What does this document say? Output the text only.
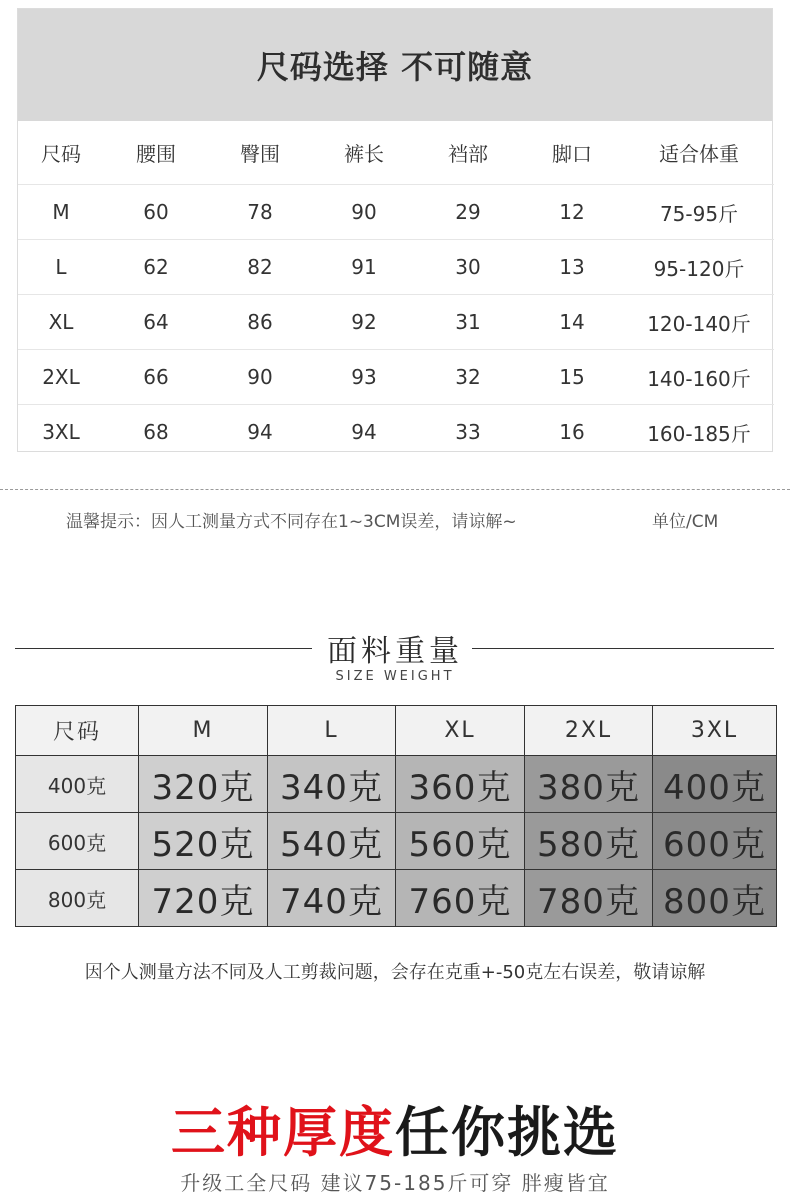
尺码选择 不可随意
尺码	腰围	臀围	裤长	裆部	脚口	适合体重
M	60	78	90	29	12	75-95斤
L	62	82	91	30	13	95-120斤
XL	64	86	92	31	14	120-140斤
2XL	66	90	93	32	15	140-160斤
3XL	68	94	94	33	16	160-185斤
温馨提示：因人工测量方式不同存在1~3CM误差，请谅解~	单位/CM
面料重量
SIZE WEIGHT
尺码	M	L	XL	2XL	3XL
400克	320克	340克	360克	380克	400克
600克	520克	540克	560克	580克	600克
800克	720克	740克	760克	780克	800克
因个人测量方法不同及人工剪裁问题，会存在克重+-50克左右误差，敬请谅解
三种厚度任你挑选
升级工全尺码 建议75-185斤可穿 胖瘦皆宜
